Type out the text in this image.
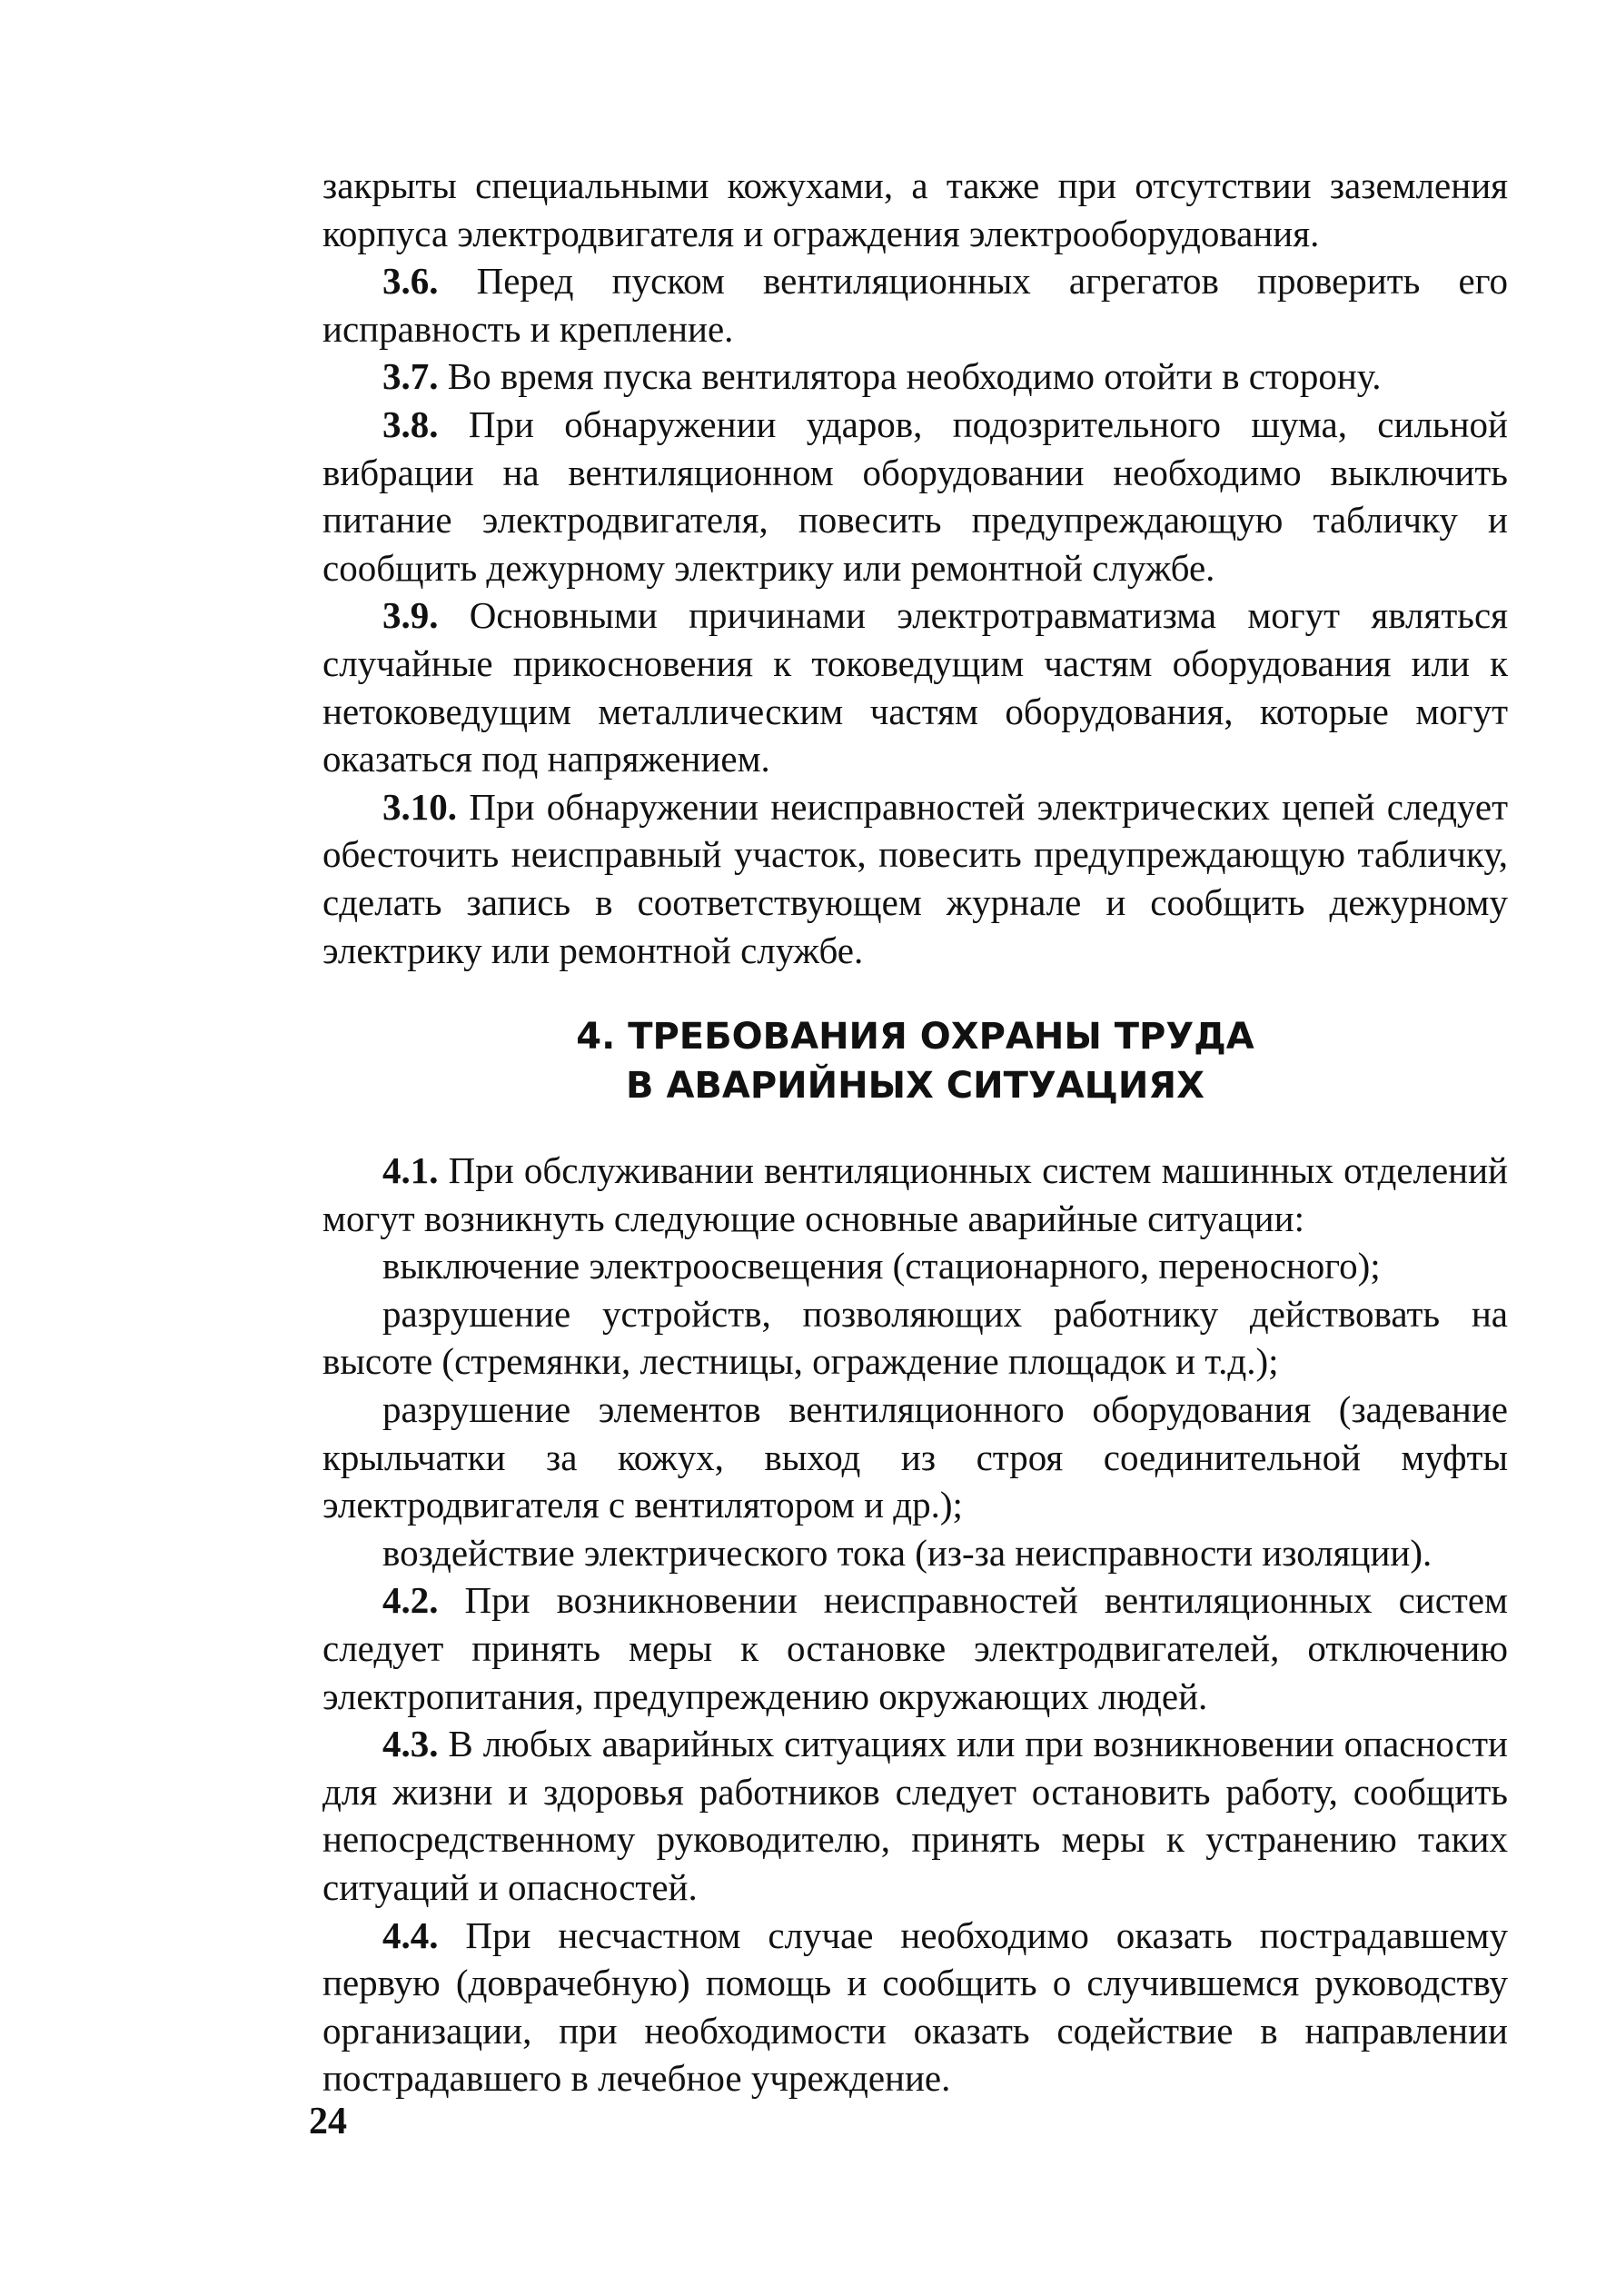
закрыты специальными кожухами, а также при отсутствии заземления корпуса электродвигателя и ограждения электрооборудования.

3.6. Перед пуском вентиляционных агрегатов проверить его исправность и крепление.

3.7. Во время пуска вентилятора необходимо отойти в сторону.

3.8. При обнаружении ударов, подозрительного шума, сильной вибрации на вентиляционном оборудовании необходимо выключить питание электродвигателя, повесить предупреждающую табличку и сообщить дежурному электрику или ремонтной службе.

3.9. Основными причинами электротравматизма могут являться случайные прикосновения к токоведущим частям оборудования или к нетоковедущим металлическим частям оборудования, которые могут оказаться под напряжением.

3.10. При обнаружении неисправностей электрических цепей следует обесточить неисправный участок, повесить предупреждающую табличку, сделать запись в соответствующем журнале и сообщить дежурному электрику или ремонтной службе.

4. ТРЕБОВАНИЯ ОХРАНЫ ТРУДА
В АВАРИЙНЫХ СИТУАЦИЯХ

4.1. При обслуживании вентиляционных систем машинных отделений могут возникнуть следующие основные аварийные ситуации:

выключение электроосвещения (стационарного, переносного);

разрушение устройств, позволяющих работнику действовать на высоте (стремянки, лестницы, ограждение площадок и т.д.);

разрушение элементов вентиляционного оборудования (задевание крыльчатки за кожух, выход из строя соединительной муфты электродвигателя с вентилятором и др.);

воздействие электрического тока (из-за неисправности изоляции).

4.2. При возникновении неисправностей вентиляционных систем следует принять меры к остановке электродвигателей, отключению электропитания, предупреждению окружающих людей.

4.3. В любых аварийных ситуациях или при возникновении опасности для жизни и здоровья работников следует остановить работу, сообщить непосредственному руководителю, принять меры к устранению таких ситуаций и опасностей.

4.4. При несчастном случае необходимо оказать пострадавшему первую (доврачебную) помощь и сообщить о случившемся руководству организации, при необходимости оказать содействие в направлении пострадавшего в лечебное учреждение.

24
